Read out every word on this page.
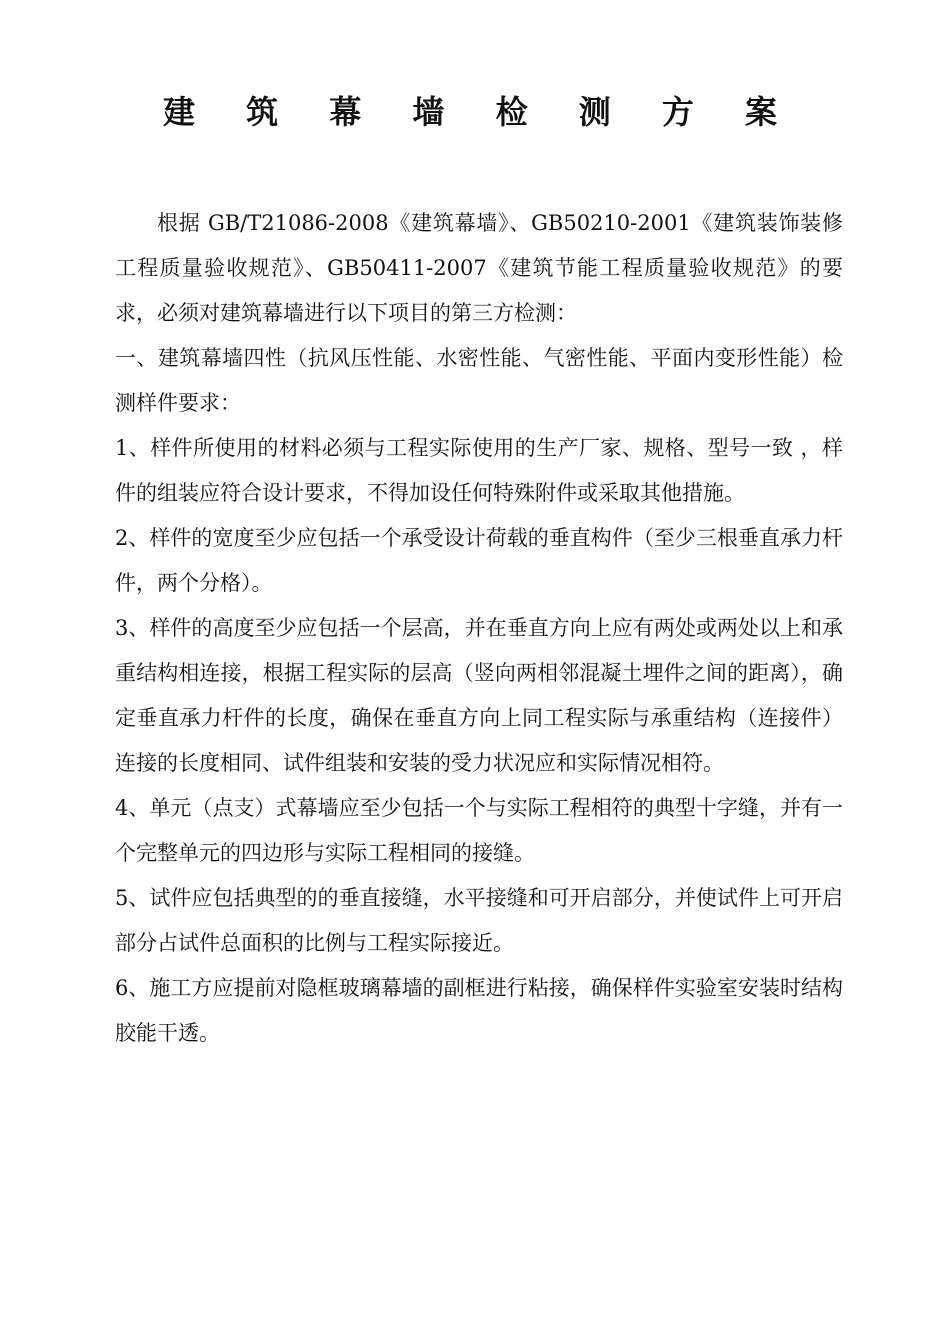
建 筑 幕 墙 检 测 方 案

根据 GB/T21086-2008《建筑幕墙》、GB50210-2001《建筑装饰装修工程质量验收规范》、GB50411-2007《建筑节能工程质量验收规范》的要求，必须对建筑幕墙进行以下项目的第三方检测：

一、建筑幕墙四性（抗风压性能、水密性能、气密性能、平面内变形性能）检测样件要求：

1、样件所使用的材料必须与工程实际使用的生产厂家、规格、型号一致 ，样件的组装应符合设计要求，不得加设任何特殊附件或采取其他措施。

2、样件的宽度至少应包括一个承受设计荷载的垂直构件（至少三根垂直承力杆件，两个分格）。

3、样件的高度至少应包括一个层高，并在垂直方向上应有两处或两处以上和承重结构相连接，根据工程实际的层高（竖向两相邻混凝土埋件之间的距离），确定垂直承力杆件的长度，确保在垂直方向上同工程实际与承重结构（连接件）连接的长度相同、试件组装和安装的受力状况应和实际情况相符。

4、单元（点支）式幕墙应至少包括一个与实际工程相符的典型十字缝，并有一个完整单元的四边形与实际工程相同的接缝。

5、试件应包括典型的的垂直接缝，水平接缝和可开启部分，并使试件上可开启部分占试件总面积的比例与工程实际接近。

6、施工方应提前对隐框玻璃幕墙的副框进行粘接，确保样件实验室安装时结构胶能干透。
